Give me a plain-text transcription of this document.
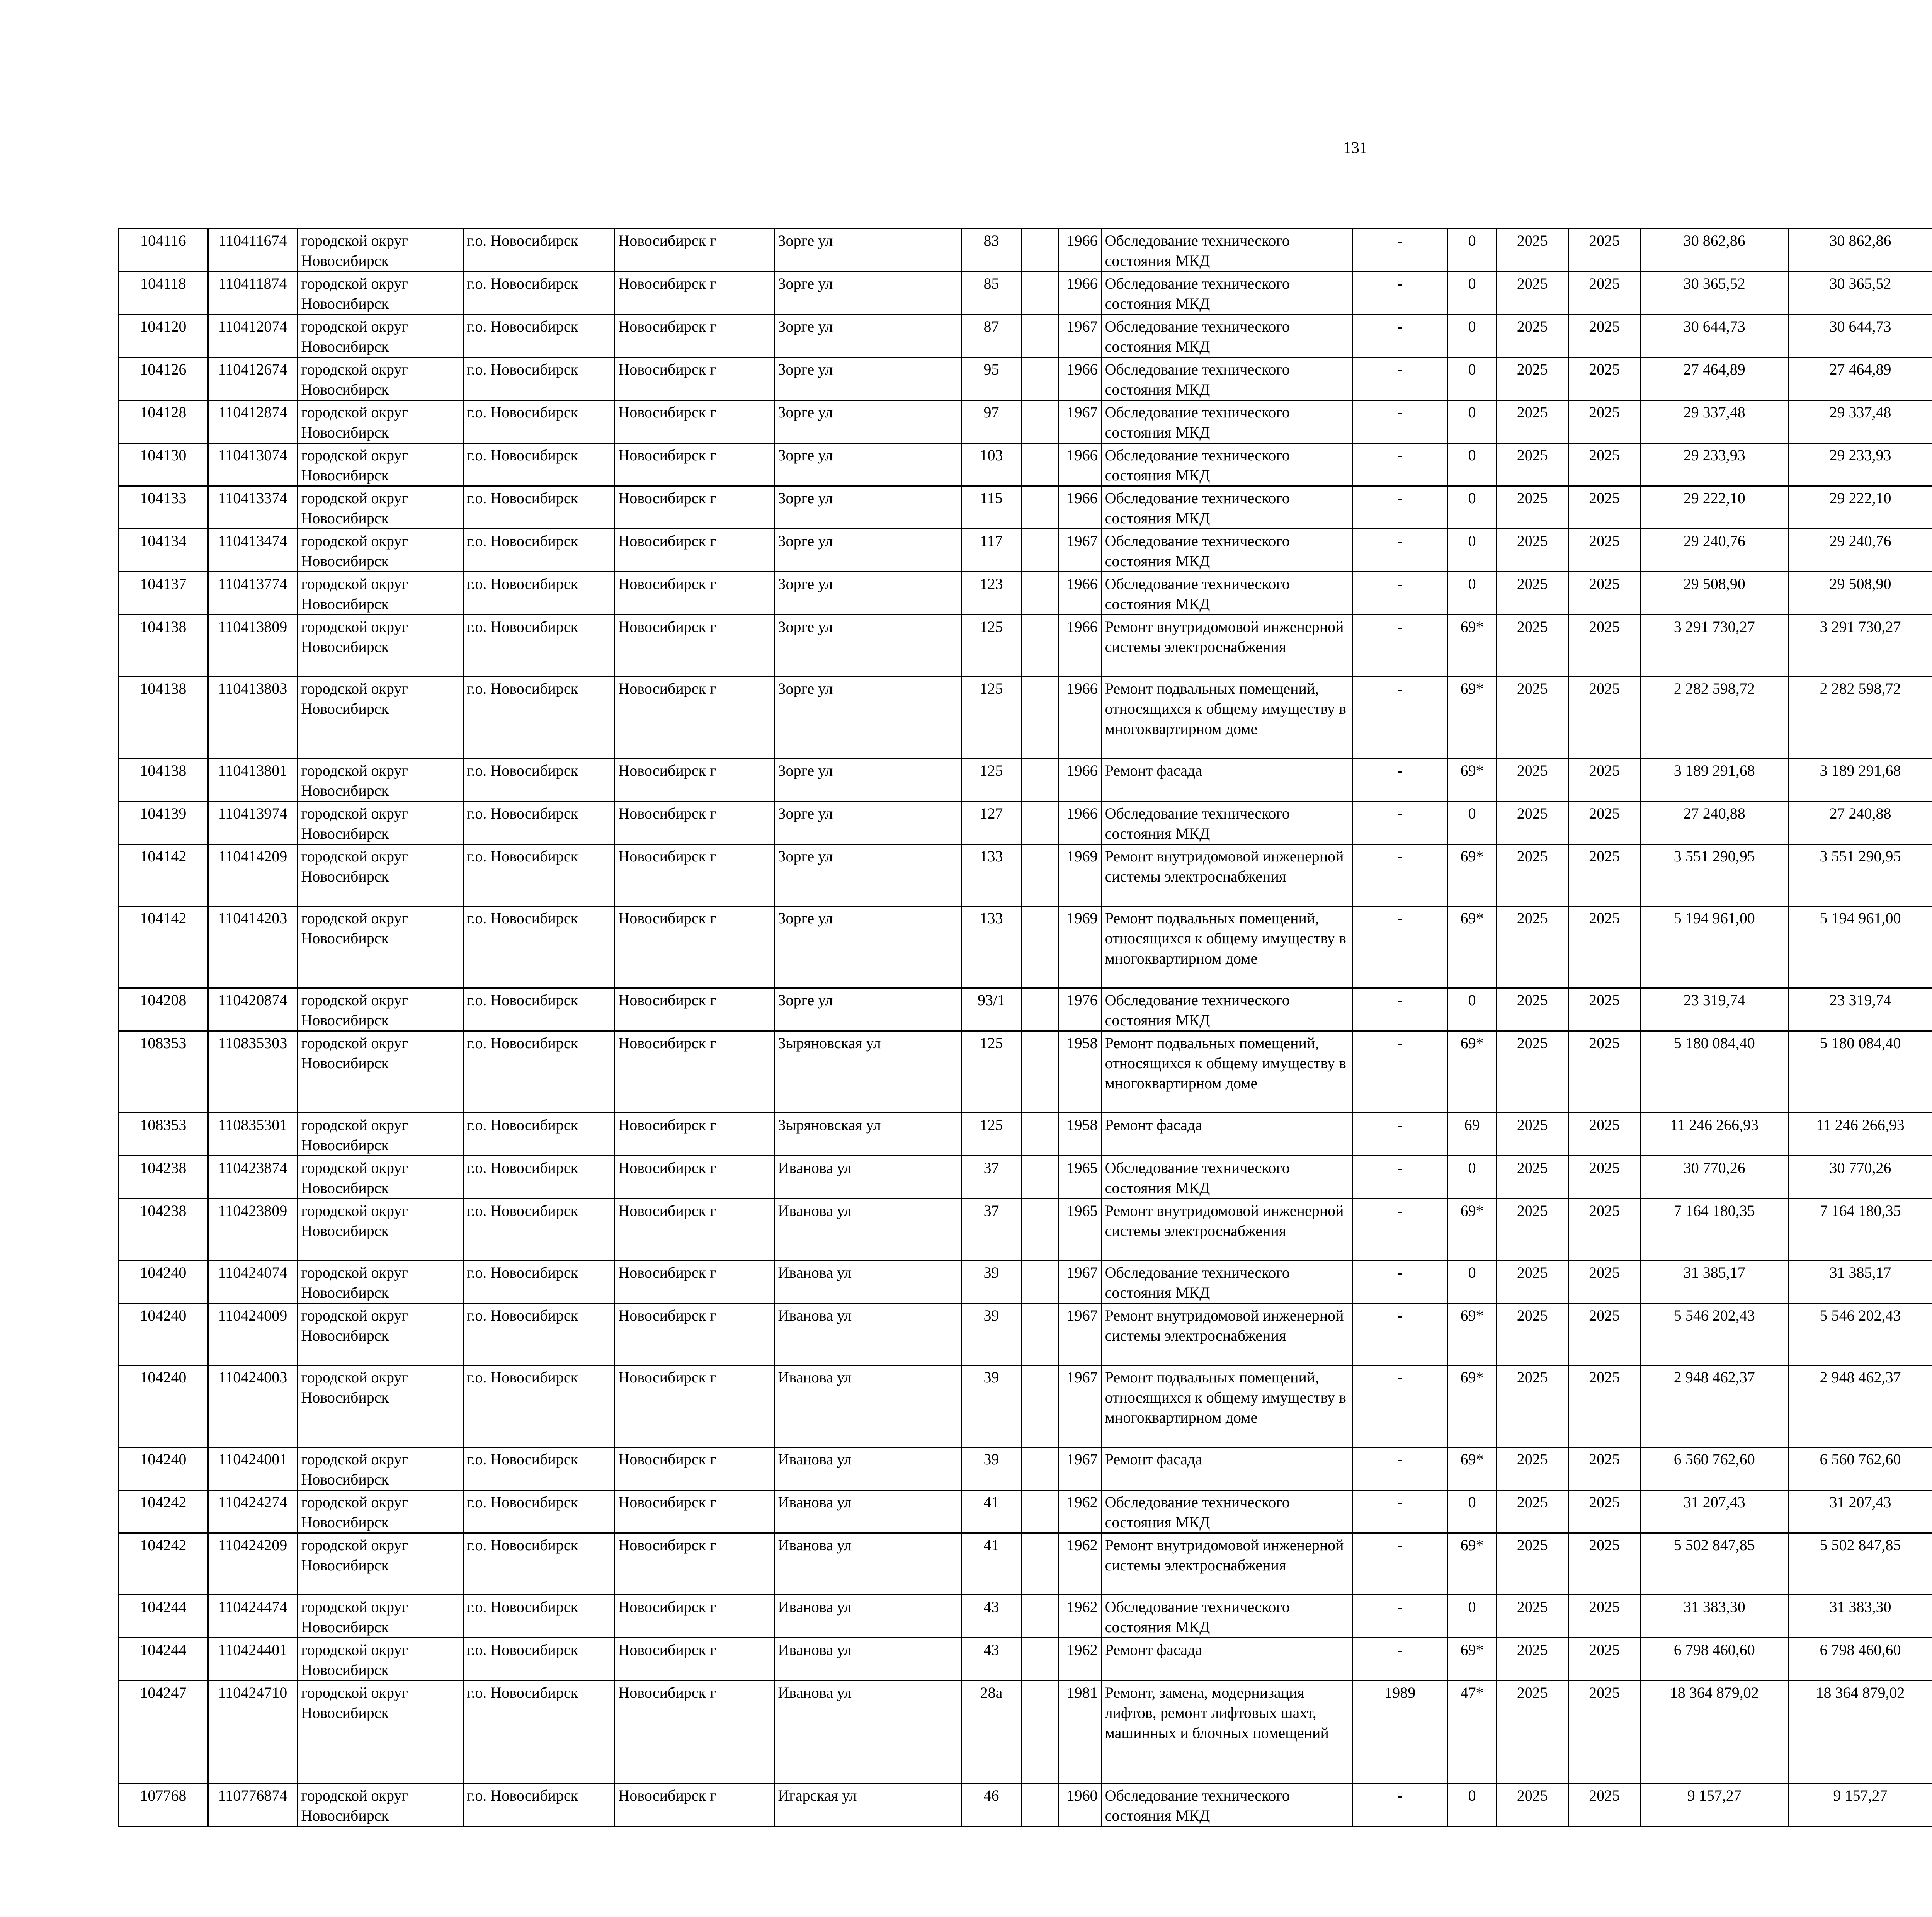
131
104116	110411674	городской округ Новосибирск	г.о. Новосибирск	Новосибирск г	Зорге ул	83		1966	Обследование технического состояния МКД	-	0	2025	2025	30 862,86	30 862,86						
104118	110411874	городской округ Новосибирск	г.о. Новосибирск	Новосибирск г	Зорге ул	85		1966	Обследование технического состояния МКД	-	0	2025	2025	30 365,52	30 365,52						
104120	110412074	городской округ Новосибирск	г.о. Новосибирск	Новосибирск г	Зорге ул	87		1967	Обследование технического состояния МКД	-	0	2025	2025	30 644,73	30 644,73						
104126	110412674	городской округ Новосибирск	г.о. Новосибирск	Новосибирск г	Зорге ул	95		1966	Обследование технического состояния МКД	-	0	2025	2025	27 464,89	27 464,89						
104128	110412874	городской округ Новосибирск	г.о. Новосибирск	Новосибирск г	Зорге ул	97		1967	Обследование технического состояния МКД	-	0	2025	2025	29 337,48	29 337,48						
104130	110413074	городской округ Новосибирск	г.о. Новосибирск	Новосибирск г	Зорге ул	103		1966	Обследование технического состояния МКД	-	0	2025	2025	29 233,93	29 233,93						
104133	110413374	городской округ Новосибирск	г.о. Новосибирск	Новосибирск г	Зорге ул	115		1966	Обследование технического состояния МКД	-	0	2025	2025	29 222,10	29 222,10						
104134	110413474	городской округ Новосибирск	г.о. Новосибирск	Новосибирск г	Зорге ул	117		1967	Обследование технического состояния МКД	-	0	2025	2025	29 240,76	29 240,76						
104137	110413774	городской округ Новосибирск	г.о. Новосибирск	Новосибирск г	Зорге ул	123		1966	Обследование технического состояния МКД	-	0	2025	2025	29 508,90	29 508,90						
104138	110413809	городской округ Новосибирск	г.о. Новосибирск	Новосибирск г	Зорге ул	125		1966	Ремонт внутридомовой инженерной системы электроснабжения	-	69*	2025	2025	3 291 730,27	3 291 730,27						
104138	110413803	городской округ Новосибирск	г.о. Новосибирск	Новосибирск г	Зорге ул	125		1966	Ремонт подвальных помещений, относящихся к общему имуществу в многоквартирном доме	-	69*	2025	2025	2 282 598,72	2 282 598,72						
104138	110413801	городской округ Новосибирск	г.о. Новосибирск	Новосибирск г	Зорге ул	125		1966	Ремонт фасада	-	69*	2025	2025	3 189 291,68	3 189 291,68						
104139	110413974	городской округ Новосибирск	г.о. Новосибирск	Новосибирск г	Зорге ул	127		1966	Обследование технического состояния МКД	-	0	2025	2025	27 240,88	27 240,88						
104142	110414209	городской округ Новосибирск	г.о. Новосибирск	Новосибирск г	Зорге ул	133		1969	Ремонт внутридомовой инженерной системы электроснабжения	-	69*	2025	2025	3 551 290,95	3 551 290,95						
104142	110414203	городской округ Новосибирск	г.о. Новосибирск	Новосибирск г	Зорге ул	133		1969	Ремонт подвальных помещений, относящихся к общему имуществу в многоквартирном доме	-	69*	2025	2025	5 194 961,00	5 194 961,00						
104208	110420874	городской округ Новосибирск	г.о. Новосибирск	Новосибирск г	Зорге ул	93/1		1976	Обследование технического состояния МКД	-	0	2025	2025	23 319,74	23 319,74						
108353	110835303	городской округ Новосибирск	г.о. Новосибирск	Новосибирск г	Зыряновская ул	125		1958	Ремонт подвальных помещений, относящихся к общему имуществу в многоквартирном доме	-	69*	2025	2025	5 180 084,40	5 180 084,40						
108353	110835301	городской округ Новосибирск	г.о. Новосибирск	Новосибирск г	Зыряновская ул	125		1958	Ремонт фасада	-	69	2025	2025	11 246 266,93	11 246 266,93						
104238	110423874	городской округ Новосибирск	г.о. Новосибирск	Новосибирск г	Иванова ул	37		1965	Обследование технического состояния МКД	-	0	2025	2025	30 770,26	30 770,26						
104238	110423809	городской округ Новосибирск	г.о. Новосибирск	Новосибирск г	Иванова ул	37		1965	Ремонт внутридомовой инженерной системы электроснабжения	-	69*	2025	2025	7 164 180,35	7 164 180,35						
104240	110424074	городской округ Новосибирск	г.о. Новосибирск	Новосибирск г	Иванова ул	39		1967	Обследование технического состояния МКД	-	0	2025	2025	31 385,17	31 385,17						
104240	110424009	городской округ Новосибирск	г.о. Новосибирск	Новосибирск г	Иванова ул	39		1967	Ремонт внутридомовой инженерной системы электроснабжения	-	69*	2025	2025	5 546 202,43	5 546 202,43						
104240	110424003	городской округ Новосибирск	г.о. Новосибирск	Новосибирск г	Иванова ул	39		1967	Ремонт подвальных помещений, относящихся к общему имуществу в многоквартирном доме	-	69*	2025	2025	2 948 462,37	2 948 462,37						
104240	110424001	городской округ Новосибирск	г.о. Новосибирск	Новосибирск г	Иванова ул	39		1967	Ремонт фасада	-	69*	2025	2025	6 560 762,60	6 560 762,60						
104242	110424274	городской округ Новосибирск	г.о. Новосибирск	Новосибирск г	Иванова ул	41		1962	Обследование технического состояния МКД	-	0	2025	2025	31 207,43	31 207,43						
104242	110424209	городской округ Новосибирск	г.о. Новосибирск	Новосибирск г	Иванова ул	41		1962	Ремонт внутридомовой инженерной системы электроснабжения	-	69*	2025	2025	5 502 847,85	5 502 847,85						
104244	110424474	городской округ Новосибирск	г.о. Новосибирск	Новосибирск г	Иванова ул	43		1962	Обследование технического состояния МКД	-	0	2025	2025	31 383,30	31 383,30						
104244	110424401	городской округ Новосибирск	г.о. Новосибирск	Новосибирск г	Иванова ул	43		1962	Ремонт фасада	-	69*	2025	2025	6 798 460,60	6 798 460,60						
104247	110424710	городской округ Новосибирск	г.о. Новосибирск	Новосибирск г	Иванова ул	28а		1981	Ремонт, замена, модернизация лифтов, ремонт лифтовых шахт, машинных и блочных помещений	1989	47*	2025	2025	18 364 879,02	18 364 879,02						
107768	110776874	городской округ Новосибирск	г.о. Новосибирск	Новосибирск г	Игарская ул	46		1960	Обследование технического состояния МКД	-	0	2025	2025	9 157,27	9 157,27						
